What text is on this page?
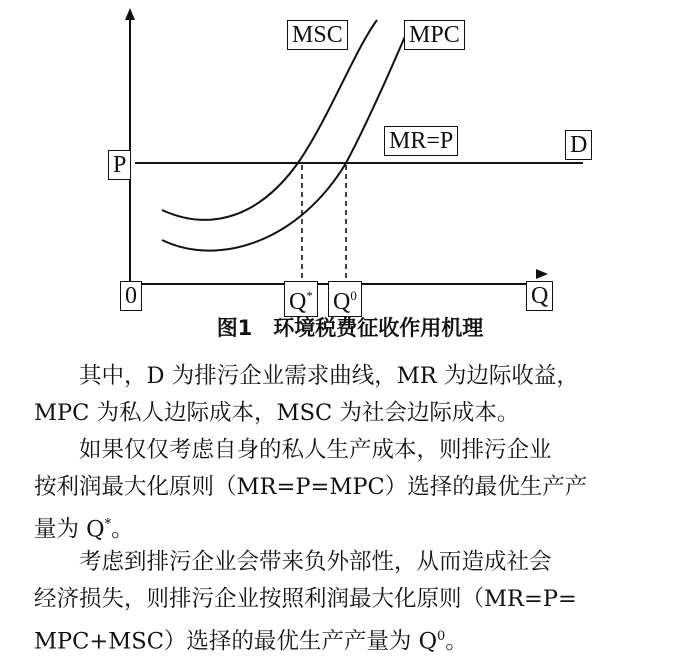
MSC	MPC
MR=P	D
P
0	Q* $Q^0$	Q
图1　环境税费征收作用机理
其中，D 为排污企业需求曲线，MR 为边际收益，
MPC 为私人边际成本，MSC 为社会边际成本。
如果仅仅考虑自身的私人生产成本，则排污企业
按利润最大化原则（MR=P=MPC）选择的最优生产产
量为 Q*。
考虑到排污企业会带来负外部性，从而造成社会
经济损失，则排污企业按照利润最大化原则（MR=P=
MPC+MSC）选择的最优生产产量为 $Q^0$。
